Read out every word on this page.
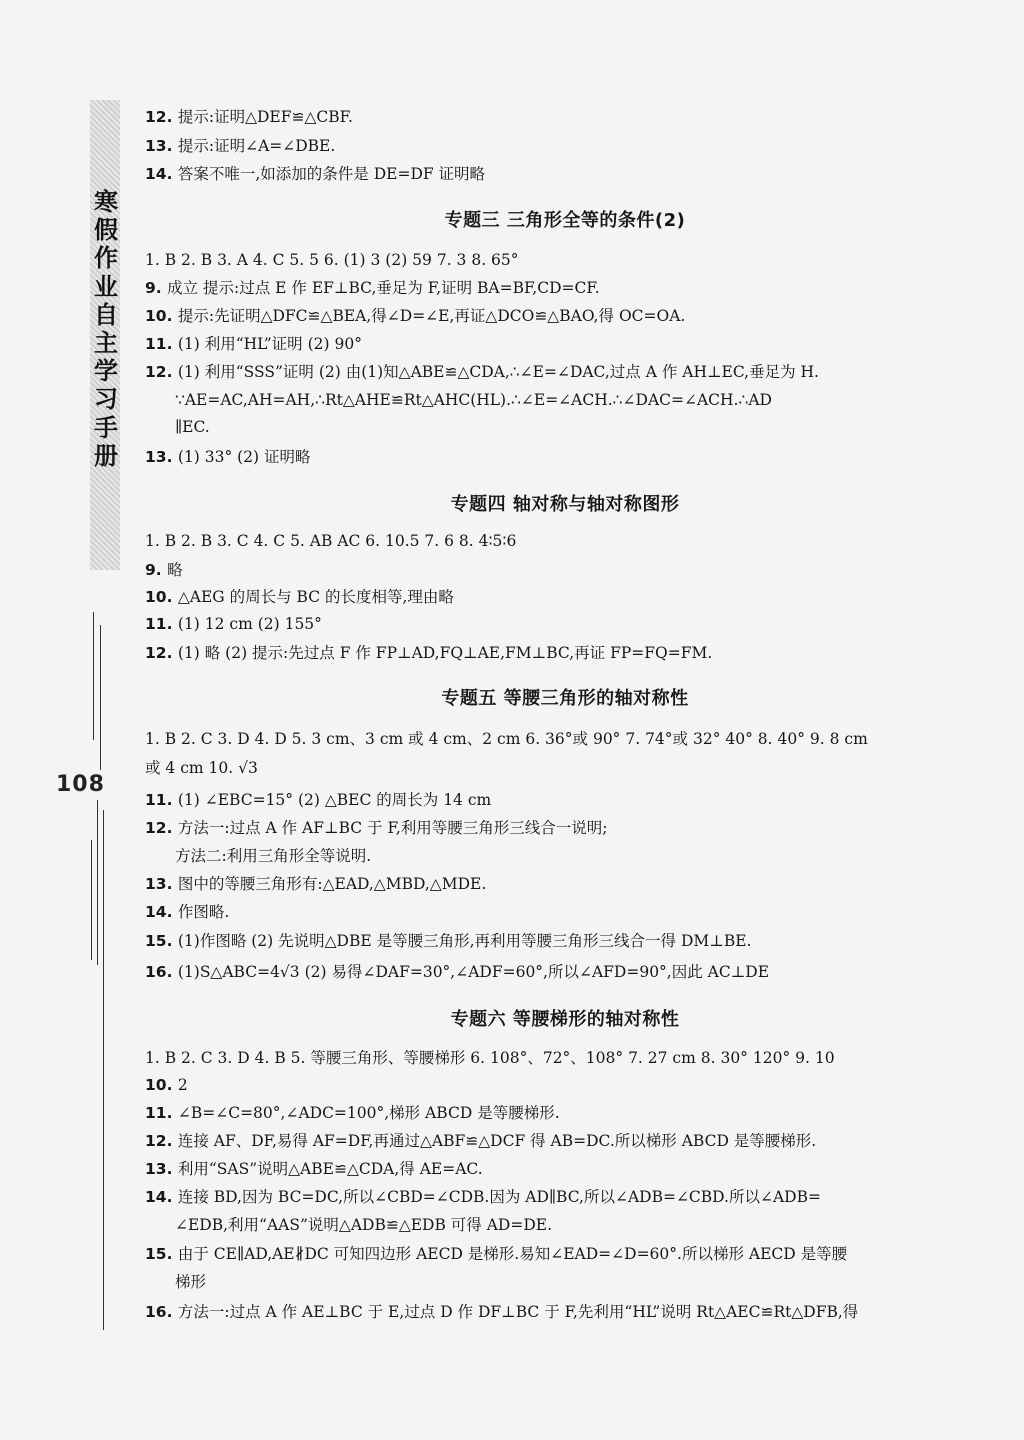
寒
假
作
业
自
主
学
习
手
册
108
12. 提示:证明△DEF≌△CBF.
13. 提示:证明∠A=∠DBE.
14. 答案不唯一,如添加的条件是 DE=DF 证明略
专题三 三角形全等的条件(2)
1. B 2. B 3. A 4. C 5. 5 6. (1) 3 (2) 59 7. 3 8. 65°
9. 成立 提示:过点 E 作 EF⊥BC,垂足为 F,证明 BA=BF,CD=CF.
10. 提示:先证明△DFC≌△BEA,得∠D=∠E,再证△DCO≌△BAO,得 OC=OA.
11. (1) 利用“HL”证明 (2) 90°
12. (1) 利用“SSS”证明 (2) 由(1)知△ABE≌△CDA,∴∠E=∠DAC,过点 A 作 AH⊥EC,垂足为 H.
∵AE=AC,AH=AH,∴Rt△AHE≌Rt△AHC(HL).∴∠E=∠ACH.∴∠DAC=∠ACH.∴AD
∥EC.
13. (1) 33° (2) 证明略
专题四 轴对称与轴对称图形
1. B 2. B 3. C 4. C 5. AB AC 6. 10.5 7. 6 8. 4∶5∶6
9. 略
10. △AEG 的周长与 BC 的长度相等,理由略
11. (1) 12 cm (2) 155°
12. (1) 略 (2) 提示:先过点 F 作 FP⊥AD,FQ⊥AE,FM⊥BC,再证 FP=FQ=FM.
专题五 等腰三角形的轴对称性
1. B 2. C 3. D 4. D 5. 3 cm、3 cm 或 4 cm、2 cm 6. 36°或 90° 7. 74°或 32° 40° 8. 40° 9. 8 cm
或 4 cm 10. √3
11. (1) ∠EBC=15° (2) △BEC 的周长为 14 cm
12. 方法一:过点 A 作 AF⊥BC 于 F,利用等腰三角形三线合一说明;
方法二:利用三角形全等说明.
13. 图中的等腰三角形有:△EAD,△MBD,△MDE.
14. 作图略.
15. (1)作图略 (2) 先说明△DBE 是等腰三角形,再利用等腰三角形三线合一得 DM⊥BE.
16. (1)S△ABC=4√3 (2) 易得∠DAF=30°,∠ADF=60°,所以∠AFD=90°,因此 AC⊥DE
专题六 等腰梯形的轴对称性
1. B 2. C 3. D 4. B 5. 等腰三角形、等腰梯形 6. 108°、72°、108° 7. 27 cm 8. 30° 120° 9. 10
10. 2
11. ∠B=∠C=80°,∠ADC=100°,梯形 ABCD 是等腰梯形.
12. 连接 AF、DF,易得 AF=DF,再通过△ABF≌△DCF 得 AB=DC.所以梯形 ABCD 是等腰梯形.
13. 利用“SAS”说明△ABE≌△CDA,得 AE=AC.
14. 连接 BD,因为 BC=DC,所以∠CBD=∠CDB.因为 AD∥BC,所以∠ADB=∠CBD.所以∠ADB=
∠EDB,利用“AAS”说明△ADB≌△EDB 可得 AD=DE.
15. 由于 CE∥AD,AE∦DC 可知四边形 AECD 是梯形.易知∠EAD=∠D=60°.所以梯形 AECD 是等腰
梯形
16. 方法一:过点 A 作 AE⊥BC 于 E,过点 D 作 DF⊥BC 于 F,先利用“HL”说明 Rt△AEC≌Rt△DFB,得
